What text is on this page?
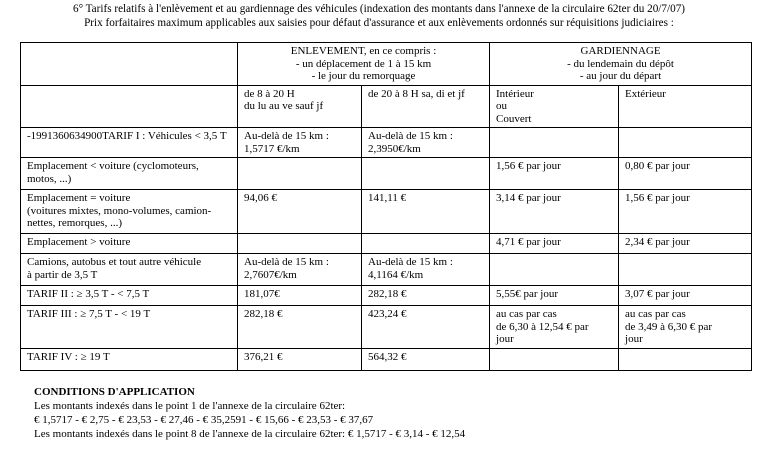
6° Tarifs relatifs à l'enlèvement et au gardiennage des véhicules (indexation des montants dans l'annexe de la circulaire 62ter du 20/7/07)
Prix forfaitaires maximum applicables aux saisies pour défaut d'assurance et aux enlèvements ordonnés sur réquisitions judiciaires :

	ENLEVEMENT, en ce compris :
- un déplacement de 1 à 15 km
- le jour du remorquage		GARDIENNAGE
- du lendemain du dépôt
- au jour du départ	

	de 8 à 20 H
du lu au ve sauf jf	de 20 à 8 H sa, di et jf	Intérieur
ou
Couvert	Extérieur

-1991360634900TARIF I : Véhicules < 3,5 T	Au-delà de 15 km :
1,5717 €/km	Au-delà de 15 km :
2,3950€/km		

Emplacement < voiture (cyclomoteurs,
motos, ...)			1,56 € par jour	0,80 € par jour

Emplacement = voiture
(voitures mixtes, mono-volumes, camion-
nettes, remorques, ...)	94,06 €	141,11 €	3,14 € par jour	1,56 € par jour

Emplacement > voiture			4,71 € par jour	2,34 € par jour

Camions, autobus et tout autre véhicule
à partir de 3,5 T	Au-delà de 15 km :
2,7607€/km	Au-delà de 15 km :
4,1164 €/km		

TARIF II : ≥ 3,5 T - < 7,5 T	181,07€	282,18 €	5,55€ par jour	3,07 € par jour

TARIF III : ≥ 7,5 T - < 19 T	282,18 €	423,24 €	au cas par cas
de 6,30 à 12,54 € par
jour	au cas par cas
de 3,49 à 6,30 € par
jour

TARIF IV : ≥ 19 T	376,21 €	564,32 €		

CONDITIONS D'APPLICATION
Les montants indexés dans le point 1 de l'annexe de la circulaire 62ter:
€ 1,5717 - € 2,75 - € 23,53 - € 27,46 - € 35,2591 - € 15,66 - € 23,53 - € 37,67
Les montants indexés dans le point 8 de l'annexe de la circulaire 62ter: € 1,5717 - € 3,14 - € 12,54
